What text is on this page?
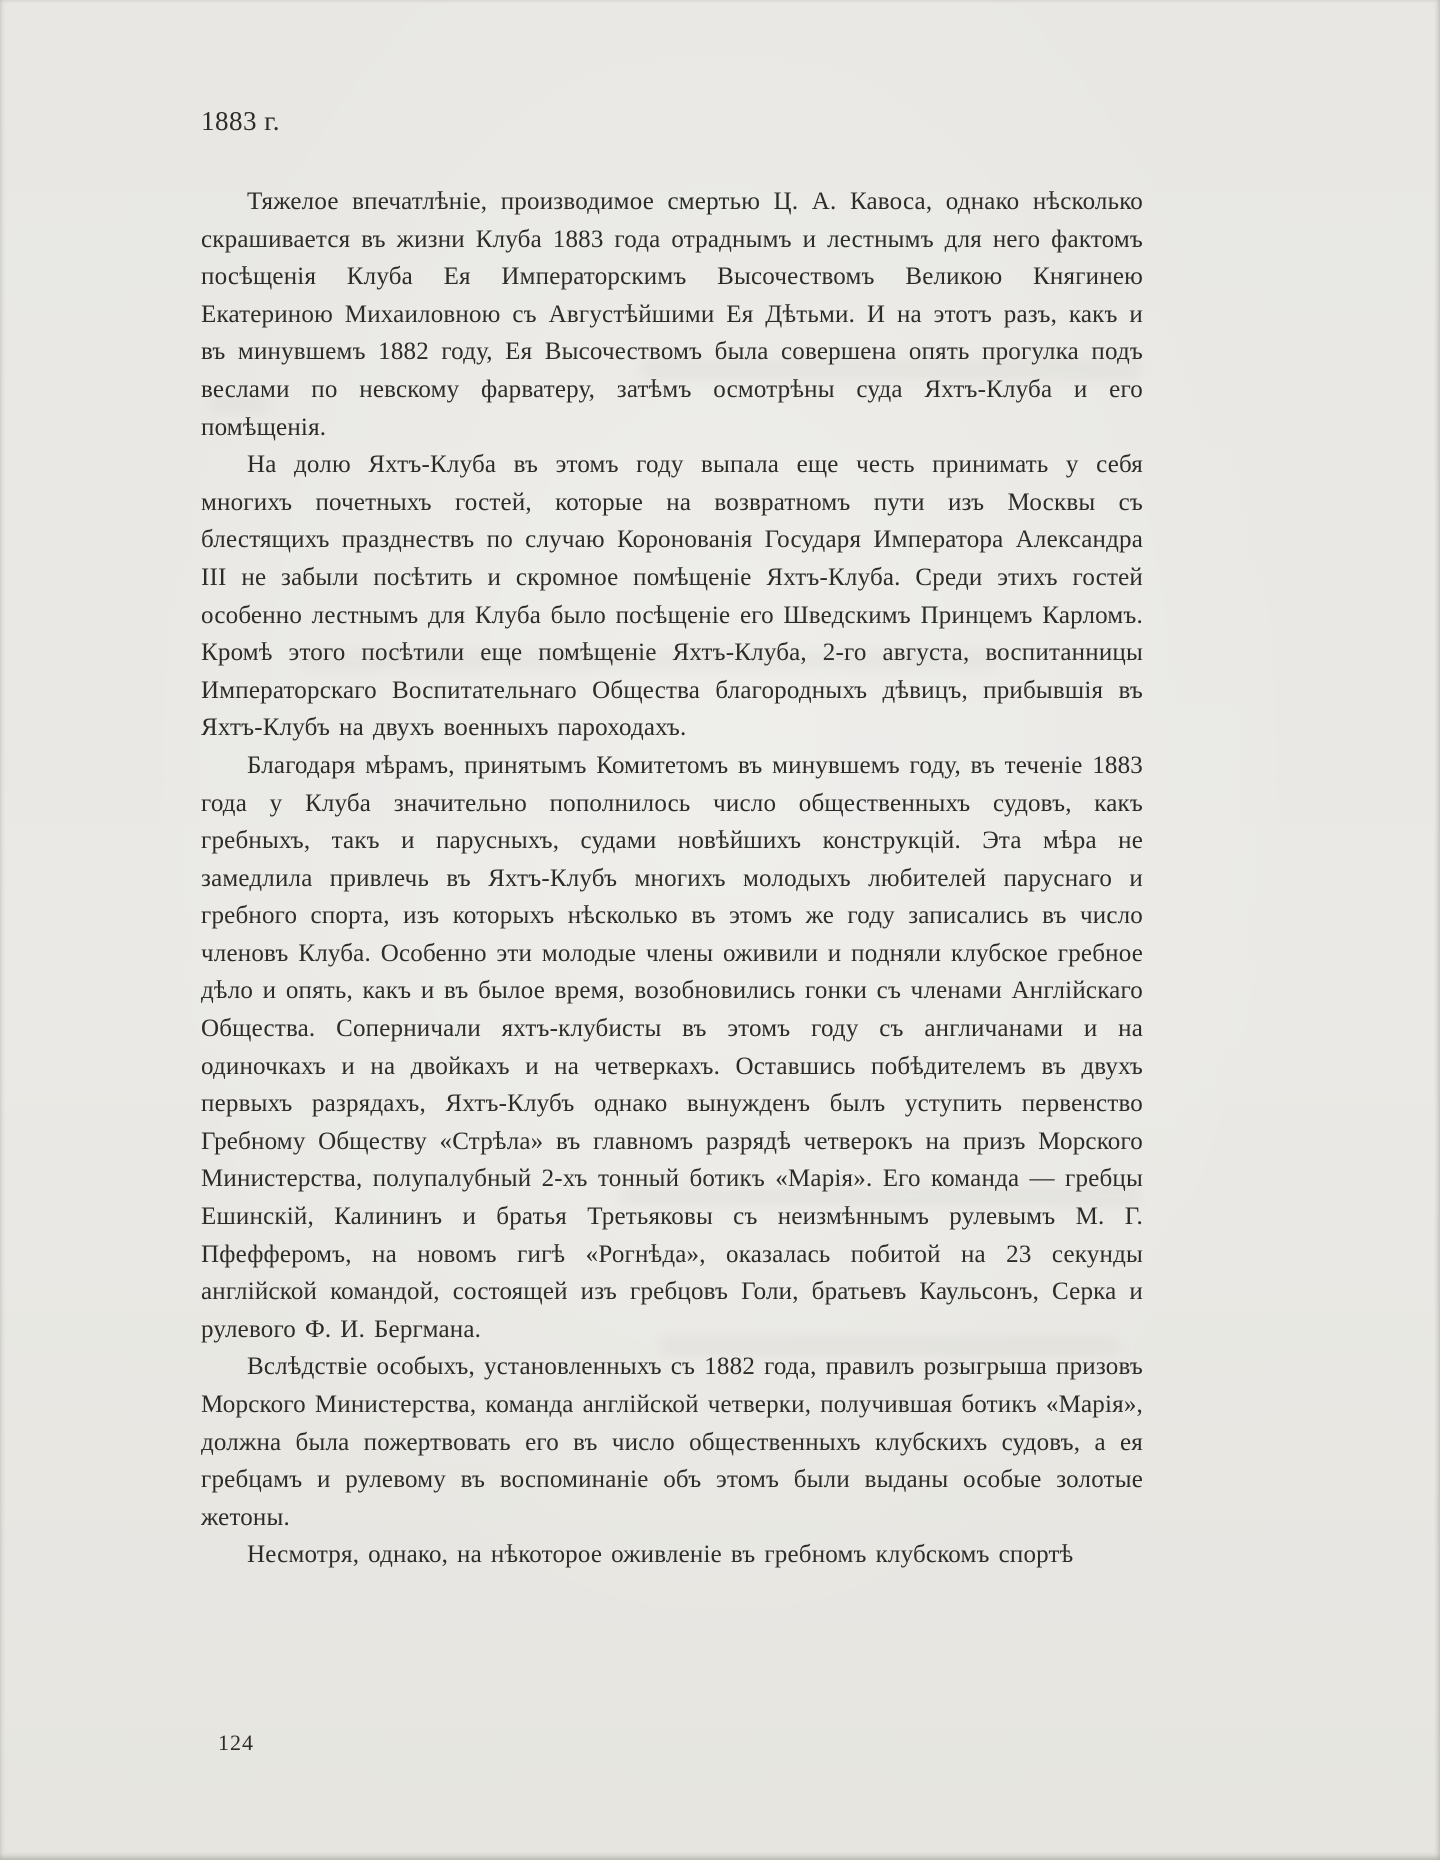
1883 г.

Тяжелое впечатлѣніе, производимое смертью Ц. А. Кавоса, однако нѣсколько скрашивается въ жизни Клуба 1883 года отраднымъ и лестнымъ для него фактомъ посѣщенія Клуба Ея Императорскимъ Высочествомъ Великою Княгинею Екатериною Михаиловною съ Августѣйшими Ея Дѣтьми. И на этотъ разъ, какъ и въ минувшемъ 1882 году, Ея Высочествомъ была совершена опять прогулка подъ веслами по невскому фарватеру, затѣмъ осмотрѣны суда Яхтъ-Клуба и его помѣщенія.

На долю Яхтъ-Клуба въ этомъ году выпала еще честь принимать у себя многихъ почетныхъ гостей, которые на возвратномъ пути изъ Москвы съ блестящихъ празднествъ по случаю Коронованія Государя Императора Александра III не забыли посѣтить и скромное помѣщеніе Яхтъ-Клуба. Среди этихъ гостей особенно лестнымъ для Клуба было посѣщеніе его Шведскимъ Принцемъ Карломъ. Кромѣ этого посѣтили еще помѣщеніе Яхтъ-Клуба, 2-го августа, воспитанницы Императорскаго Воспитательнаго Общества благородныхъ дѣвицъ, прибывшія въ Яхтъ-Клубъ на двухъ военныхъ пароходахъ.

Благодаря мѣрамъ, принятымъ Комитетомъ въ минувшемъ году, въ теченіе 1883 года у Клуба значительно пополнилось число общественныхъ судовъ, какъ гребныхъ, такъ и парусныхъ, судами новѣйшихъ конструкцій. Эта мѣра не замедлила привлечь въ Яхтъ-Клубъ многихъ молодыхъ любителей паруснаго и гребного спорта, изъ которыхъ нѣсколько въ этомъ же году записались въ число членовъ Клуба. Особенно эти молодые члены оживили и подняли клубское гребное дѣло и опять, какъ и въ былое время, возобновились гонки съ членами Англійскаго Общества. Соперничали яхтъ-клубисты въ этомъ году съ англичанами и на одиночкахъ и на двойкахъ и на четверкахъ. Оставшись побѣдителемъ въ двухъ первыхъ разрядахъ, Яхтъ-Клубъ однако вынужденъ былъ уступить первенство Гребному Обществу «Стрѣла» въ главномъ разрядѣ четверокъ на призъ Морского Министерства, полупалубный 2-хъ тонный ботикъ «Марія». Его команда — гребцы Ешинскій, Калининъ и братья Третьяковы съ неизмѣннымъ рулевымъ М. Г. Пфефферомъ, на новомъ гигѣ «Рогнѣда», оказалась побитой на 23 секунды англійской командой, состоящей изъ гребцовъ Голи, братьевъ Каульсонъ, Серка и рулевого Ф. И. Бергмана.

Вслѣдствіе особыхъ, установленныхъ съ 1882 года, правилъ розыгрыша призовъ Морского Министерства, команда англійской четверки, получившая ботикъ «Марія», должна была пожертвовать его въ число общественныхъ клубскихъ судовъ, а ея гребцамъ и рулевому въ воспоминаніе объ этомъ были выданы особые золотые жетоны.

Несмотря, однако, на нѣкоторое оживленіе въ гребномъ клубскомъ спортѣ

124
